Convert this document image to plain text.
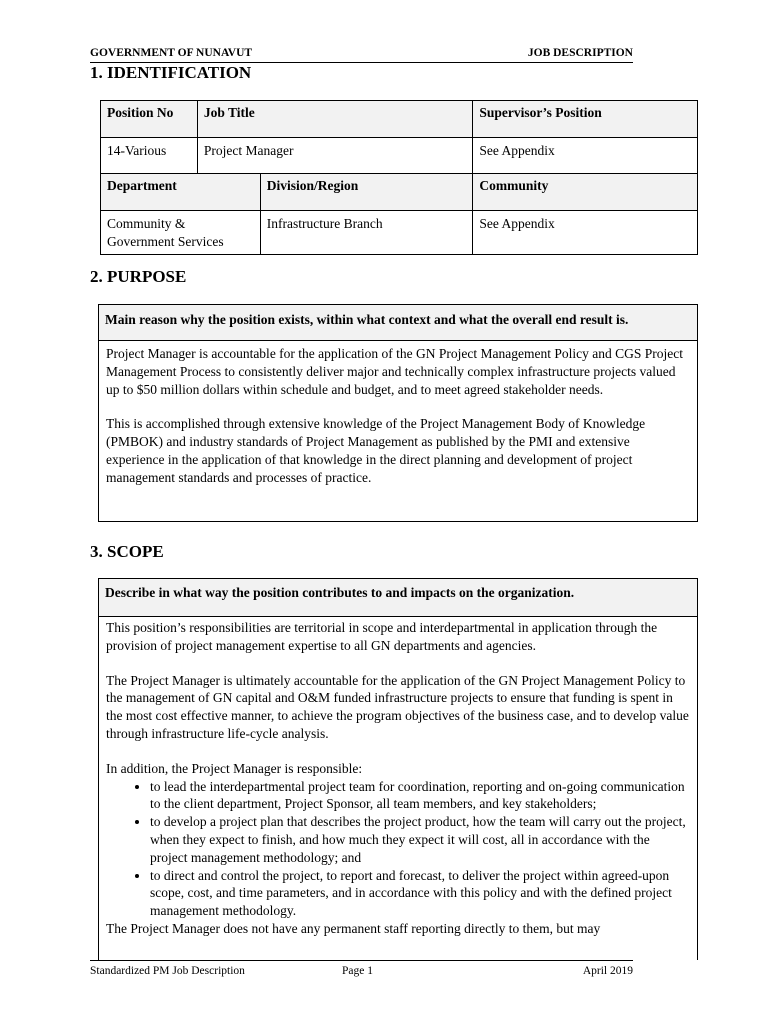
GOVERNMENT OF NUNAVUT	JOB DESCRIPTION
1. IDENTIFICATION
Position No	Job Title		Supervisor’s Position
14-Various	Project Manager		See Appendix
Department		Division/Region	Community
Community & Government Services		Infrastructure Branch	See Appendix
2. PURPOSE
Main reason why the position exists, within what context and what the overall end result is.

Project Manager is accountable for the application of the GN Project Management Policy and CGS Project Management Process to consistently deliver major and technically complex infrastructure projects valued up to $50 million dollars within schedule and budget, and to meet agreed stakeholder needs.

This is accomplished through extensive knowledge of the Project Management Body of Knowledge (PMBOK) and industry standards of Project Management as published by the PMI and extensive experience in the application of that knowledge in the direct planning and development of project management standards and processes of practice.

3. SCOPE
Describe in what way the position contributes to and impacts on the organization.

This position’s responsibilities are territorial in scope and interdepartmental in application through the provision of project management expertise to all GN departments and agencies.

The Project Manager is ultimately accountable for the application of the GN Project Management Policy to the management of GN capital and O&M funded infrastructure projects to ensure that funding is spent in the most cost effective manner, to achieve the program objectives of the business case, and to develop value through infrastructure life-cycle analysis.

In addition, the Project Manager is responsible:
• to lead the interdepartmental project team for coordination, reporting and on-going communication to the client department, Project Sponsor, all team members, and key stakeholders;
• to develop a project plan that describes the project product, how the team will carry out the project, when they expect to finish, and how much they expect it will cost, all in accordance with the project management methodology; and
• to direct and control the project, to report and forecast, to deliver the project within agreed-upon scope, cost, and time parameters, and in accordance with this policy and with the defined project management methodology.
The Project Manager does not have any permanent staff reporting directly to them, but may
Standardized PM Job Description	Page 1	April 2019
